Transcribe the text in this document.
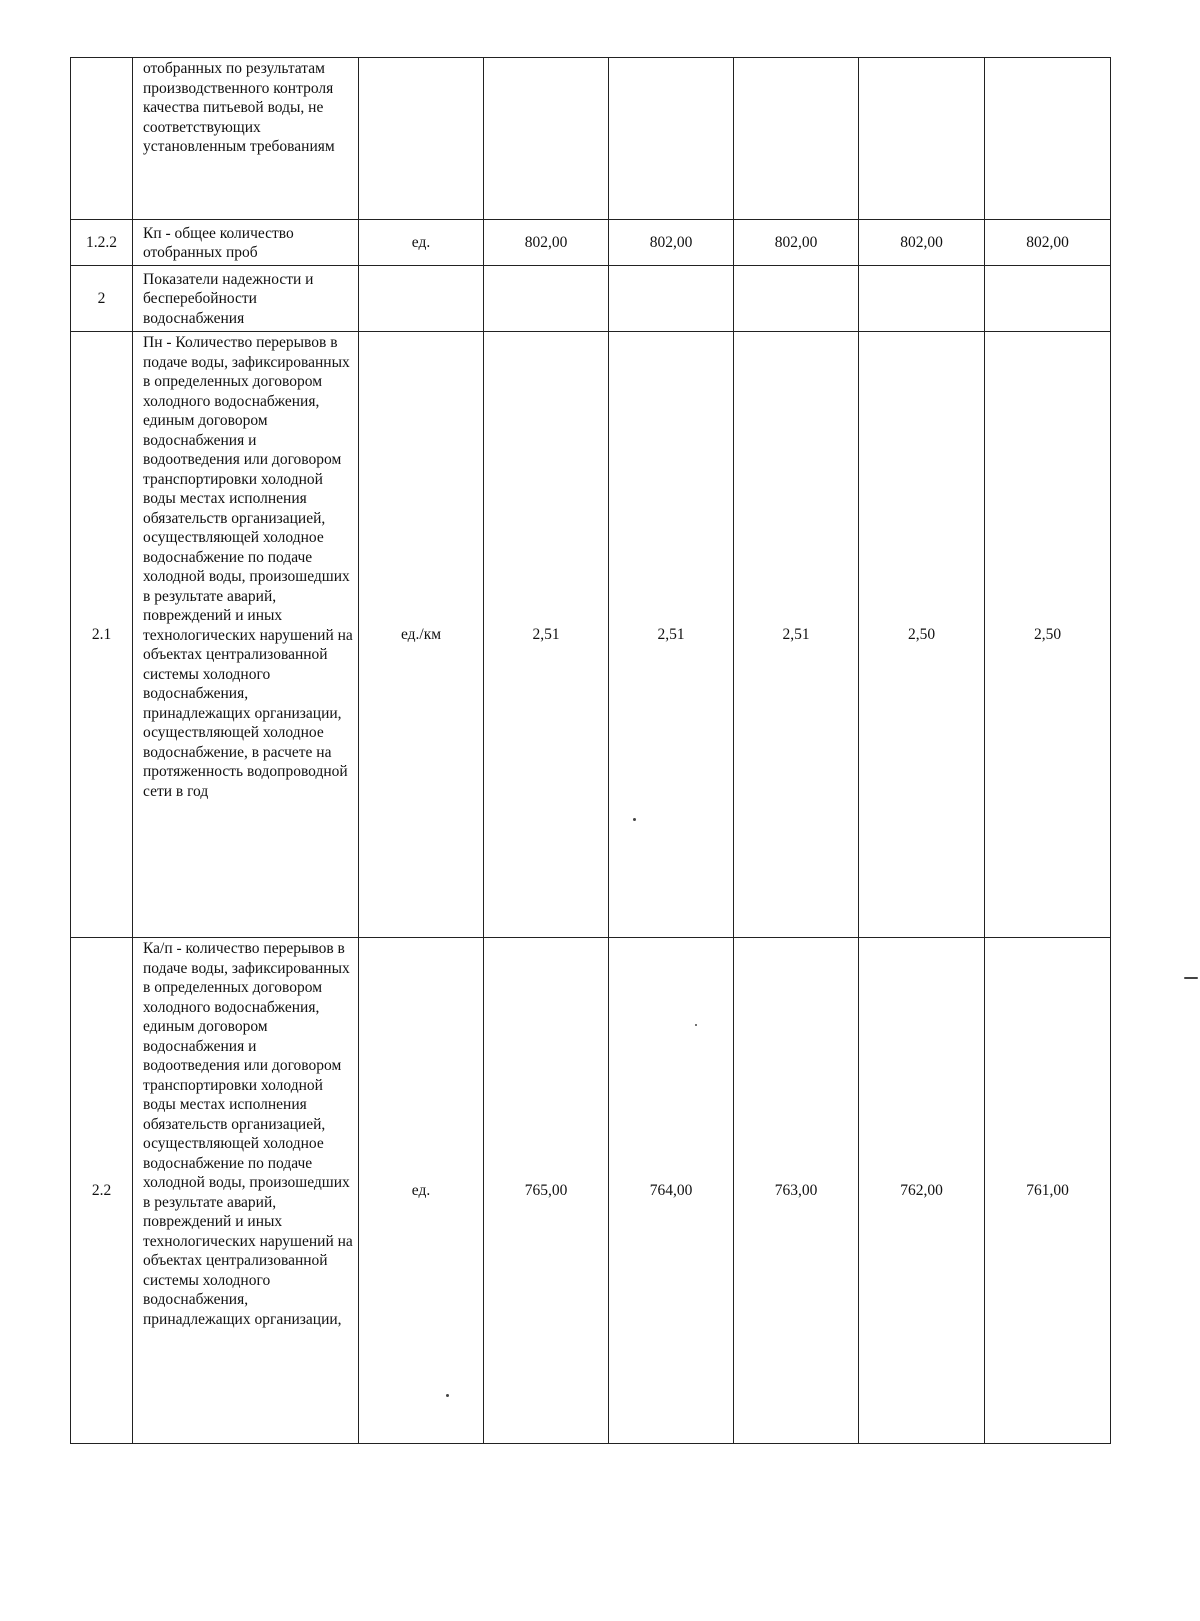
	отобранных по результатам производственного контроля качества питьевой воды, не соответствующих установленным требованиям						
1.2.2	Кп - общее количество отобранных проб	ед.	802,00	802,00	802,00	802,00	802,00
2	Показатели надежности и бесперебойности водоснабжения						
2.1	Пн - Количество перерывов в подаче воды, зафиксированных в определенных договором холодного водоснабжения, единым договором водоснабжения и водоотведения или договором транспортировки холодной воды местах исполнения обязательств организацией, осуществляющей холодное водоснабжение по подаче холодной воды, произошедших в результате аварий, повреждений и иных технологических нарушений на объектах централизованной системы холодного водоснабжения, принадлежащих организации, осуществляющей холодное водоснабжение, в расчете на протяженность водопроводной сети в год	ед./км	2,51	2,51	2,51	2,50	2,50
2.2	Ка/п - количество перерывов в подаче воды, зафиксированных в определенных договором холодного водоснабжения, единым договором водоснабжения и водоотведения или договором транспортировки холодной воды местах исполнения обязательств организацией, осуществляющей холодное водоснабжение по подаче холодной воды, произошедших в результате аварий, повреждений и иных технологических нарушений на объектах централизованной системы холодного водоснабжения, принадлежащих организации,	ед.	765,00	764,00	763,00	762,00	761,00
